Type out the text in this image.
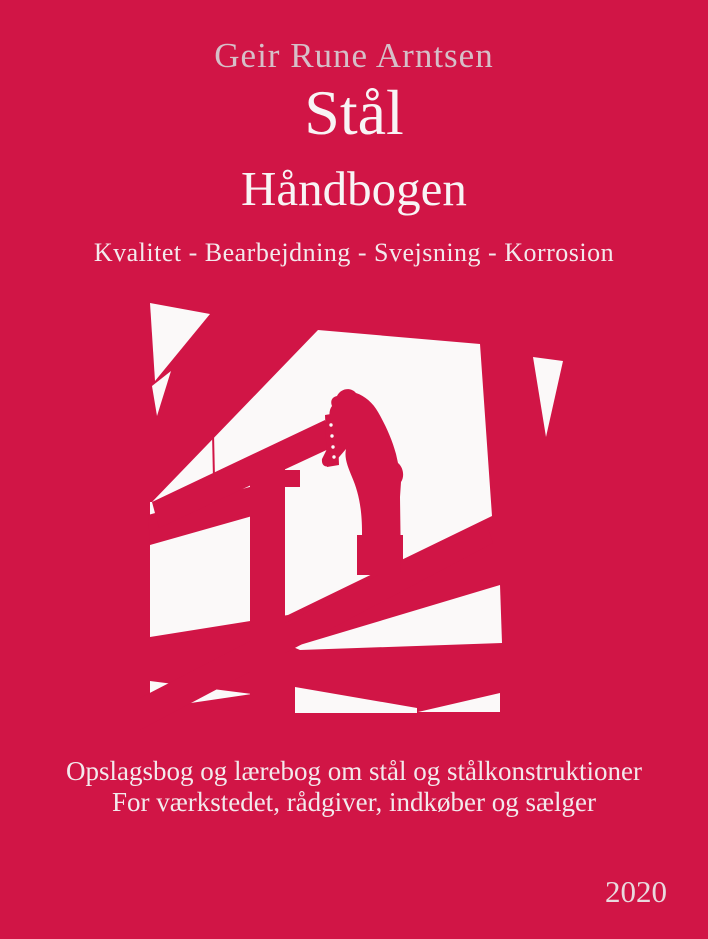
Geir Rune Arntsen
Stål
Håndbogen
Kvalitet - Bearbejdning - Svejsning - Korrosion
Opslagsbog og lærebog om stål og stålkonstruktioner
For værkstedet, rådgiver, indkøber og sælger
2020
